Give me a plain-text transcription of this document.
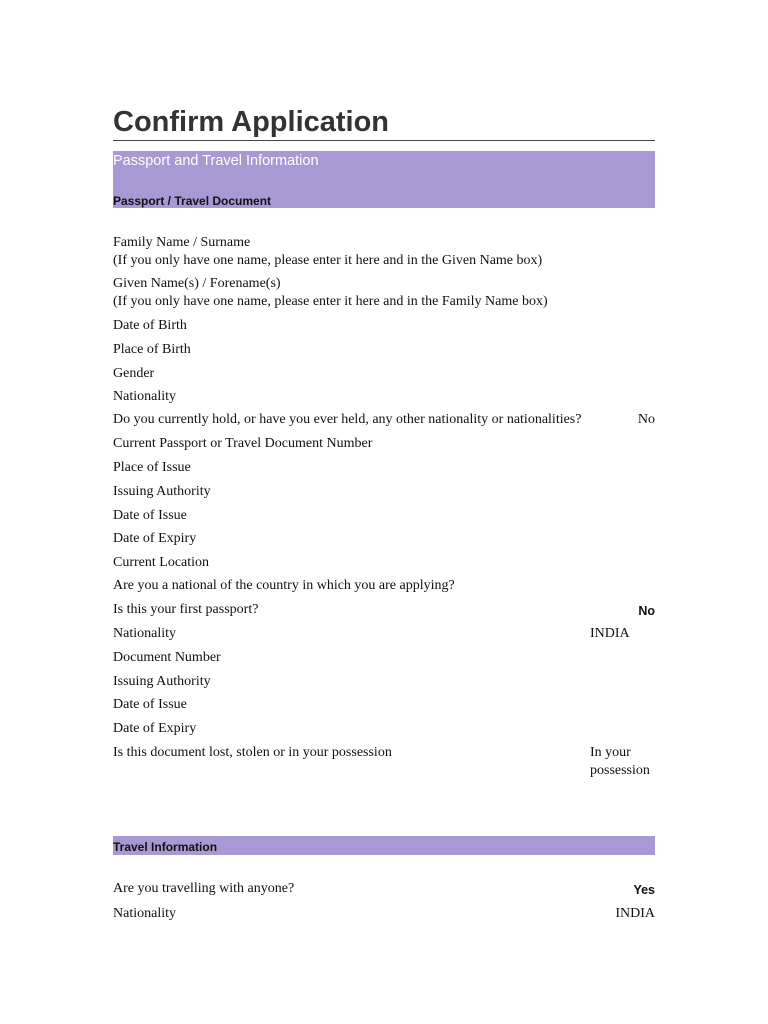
Confirm Application
Passport and Travel Information
Passport / Travel Document
Family Name / Surname
(If you only have one name, please enter it here and in the Given Name box)
Given Name(s) / Forename(s)
(If you only have one name, please enter it here and in the Family Name box)
Date of Birth
Place of Birth
Gender
Nationality
Do you currently hold, or have you ever held, any other nationality or nationalities?	No
Current Passport or Travel Document Number
Place of Issue
Issuing Authority
Date of Issue
Date of Expiry
Current Location
Are you a national of the country in which you are applying?
Is this your first passport?	No
Nationality	INDIA
Document Number
Issuing Authority
Date of Issue
Date of Expiry
Is this document lost, stolen or in your possession	In your possession
Travel Information
Are you travelling with anyone?	Yes
Nationality	INDIA
